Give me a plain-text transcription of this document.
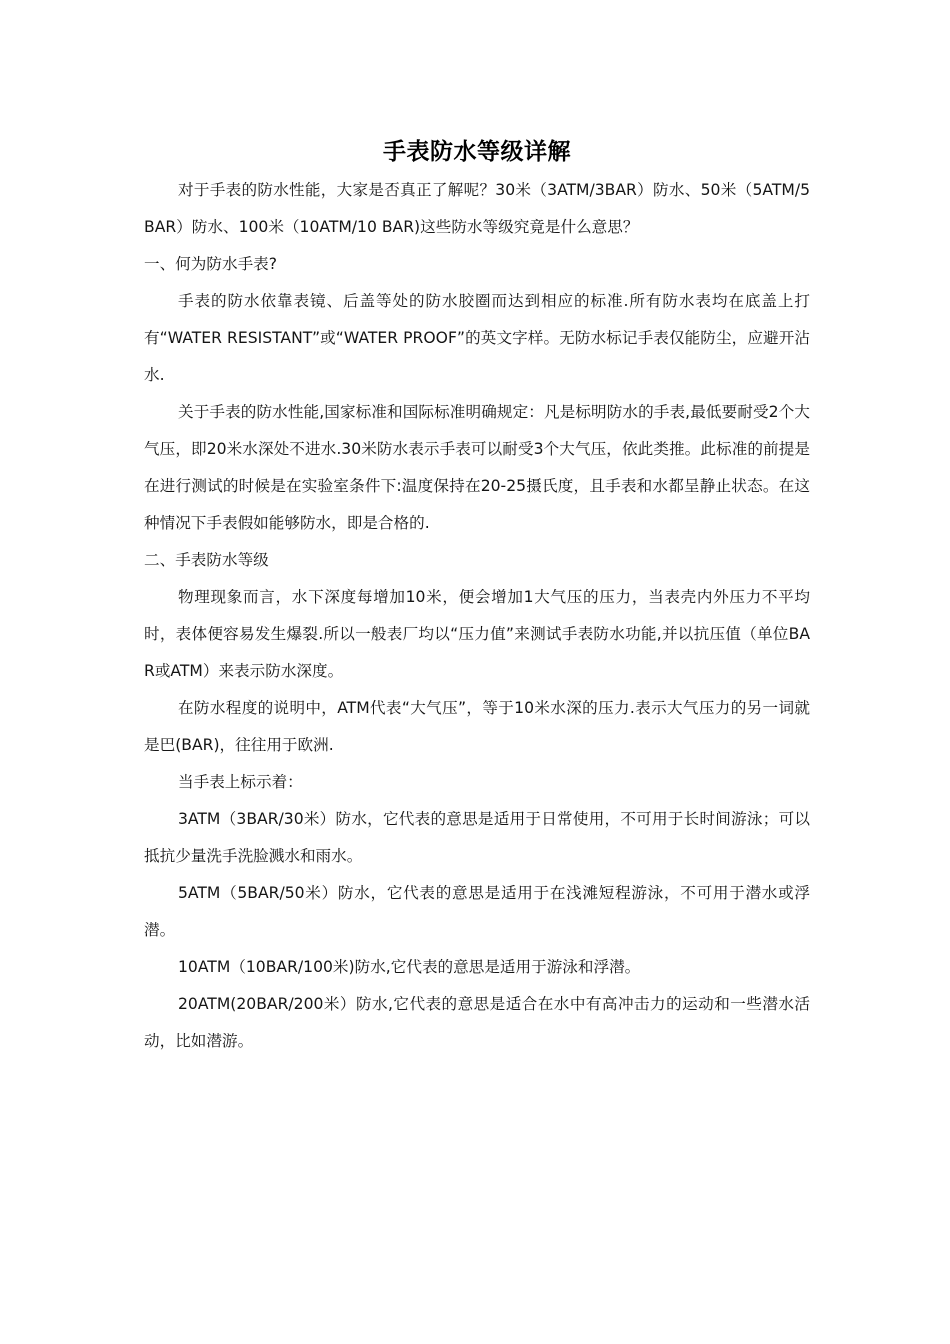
手表防水等级详解

对于手表的防水性能，大家是否真正了解呢？30米（3ATM/3BAR）防水、50米（5ATM/5 BAR）防水、100米（10ATM/10 BAR)这些防水等级究竟是什么意思？

一、何为防水手表?

手表的防水依靠表镜、后盖等处的防水胶圈而达到相应的标准.所有防水表均在底盖上打有“WATER RESISTANT”或“WATER PROOF”的英文字样。无防水标记手表仅能防尘，应避开沾水.

关于手表的防水性能,国家标准和国际标准明确规定：凡是标明防水的手表,最低要耐受2个大气压，即20米水深处不进水.30米防水表示手表可以耐受3个大气压，依此类推。此标准的前提是在进行测试的时候是在实验室条件下:温度保持在20-25摄氏度，且手表和水都呈静止状态。在这种情况下手表假如能够防水，即是合格的.

二、手表防水等级

物理现象而言，水下深度每增加10米，便会增加1大气压的压力，当表壳内外压力不平均时，表体便容易发生爆裂.所以一般表厂均以“压力值”来测试手表防水功能,并以抗压值（单位BAR或ATM）来表示防水深度。

在防水程度的说明中，ATM代表“大气压”，等于10米水深的压力.表示大气压力的另一词就是巴(BAR)，往往用于欧洲.

当手表上标示着：

3ATM（3BAR/30米）防水，它代表的意思是适用于日常使用，不可用于长时间游泳；可以抵抗少量洗手洗脸溅水和雨水。

5ATM（5BAR/50米）防水，它代表的意思是适用于在浅滩短程游泳，不可用于潜水或浮潜。

10ATM（10BAR/100米)防水,它代表的意思是适用于游泳和浮潜。

20ATM(20BAR/200米）防水,它代表的意思是适合在水中有高冲击力的运动和一些潜水活动，比如潜游。
